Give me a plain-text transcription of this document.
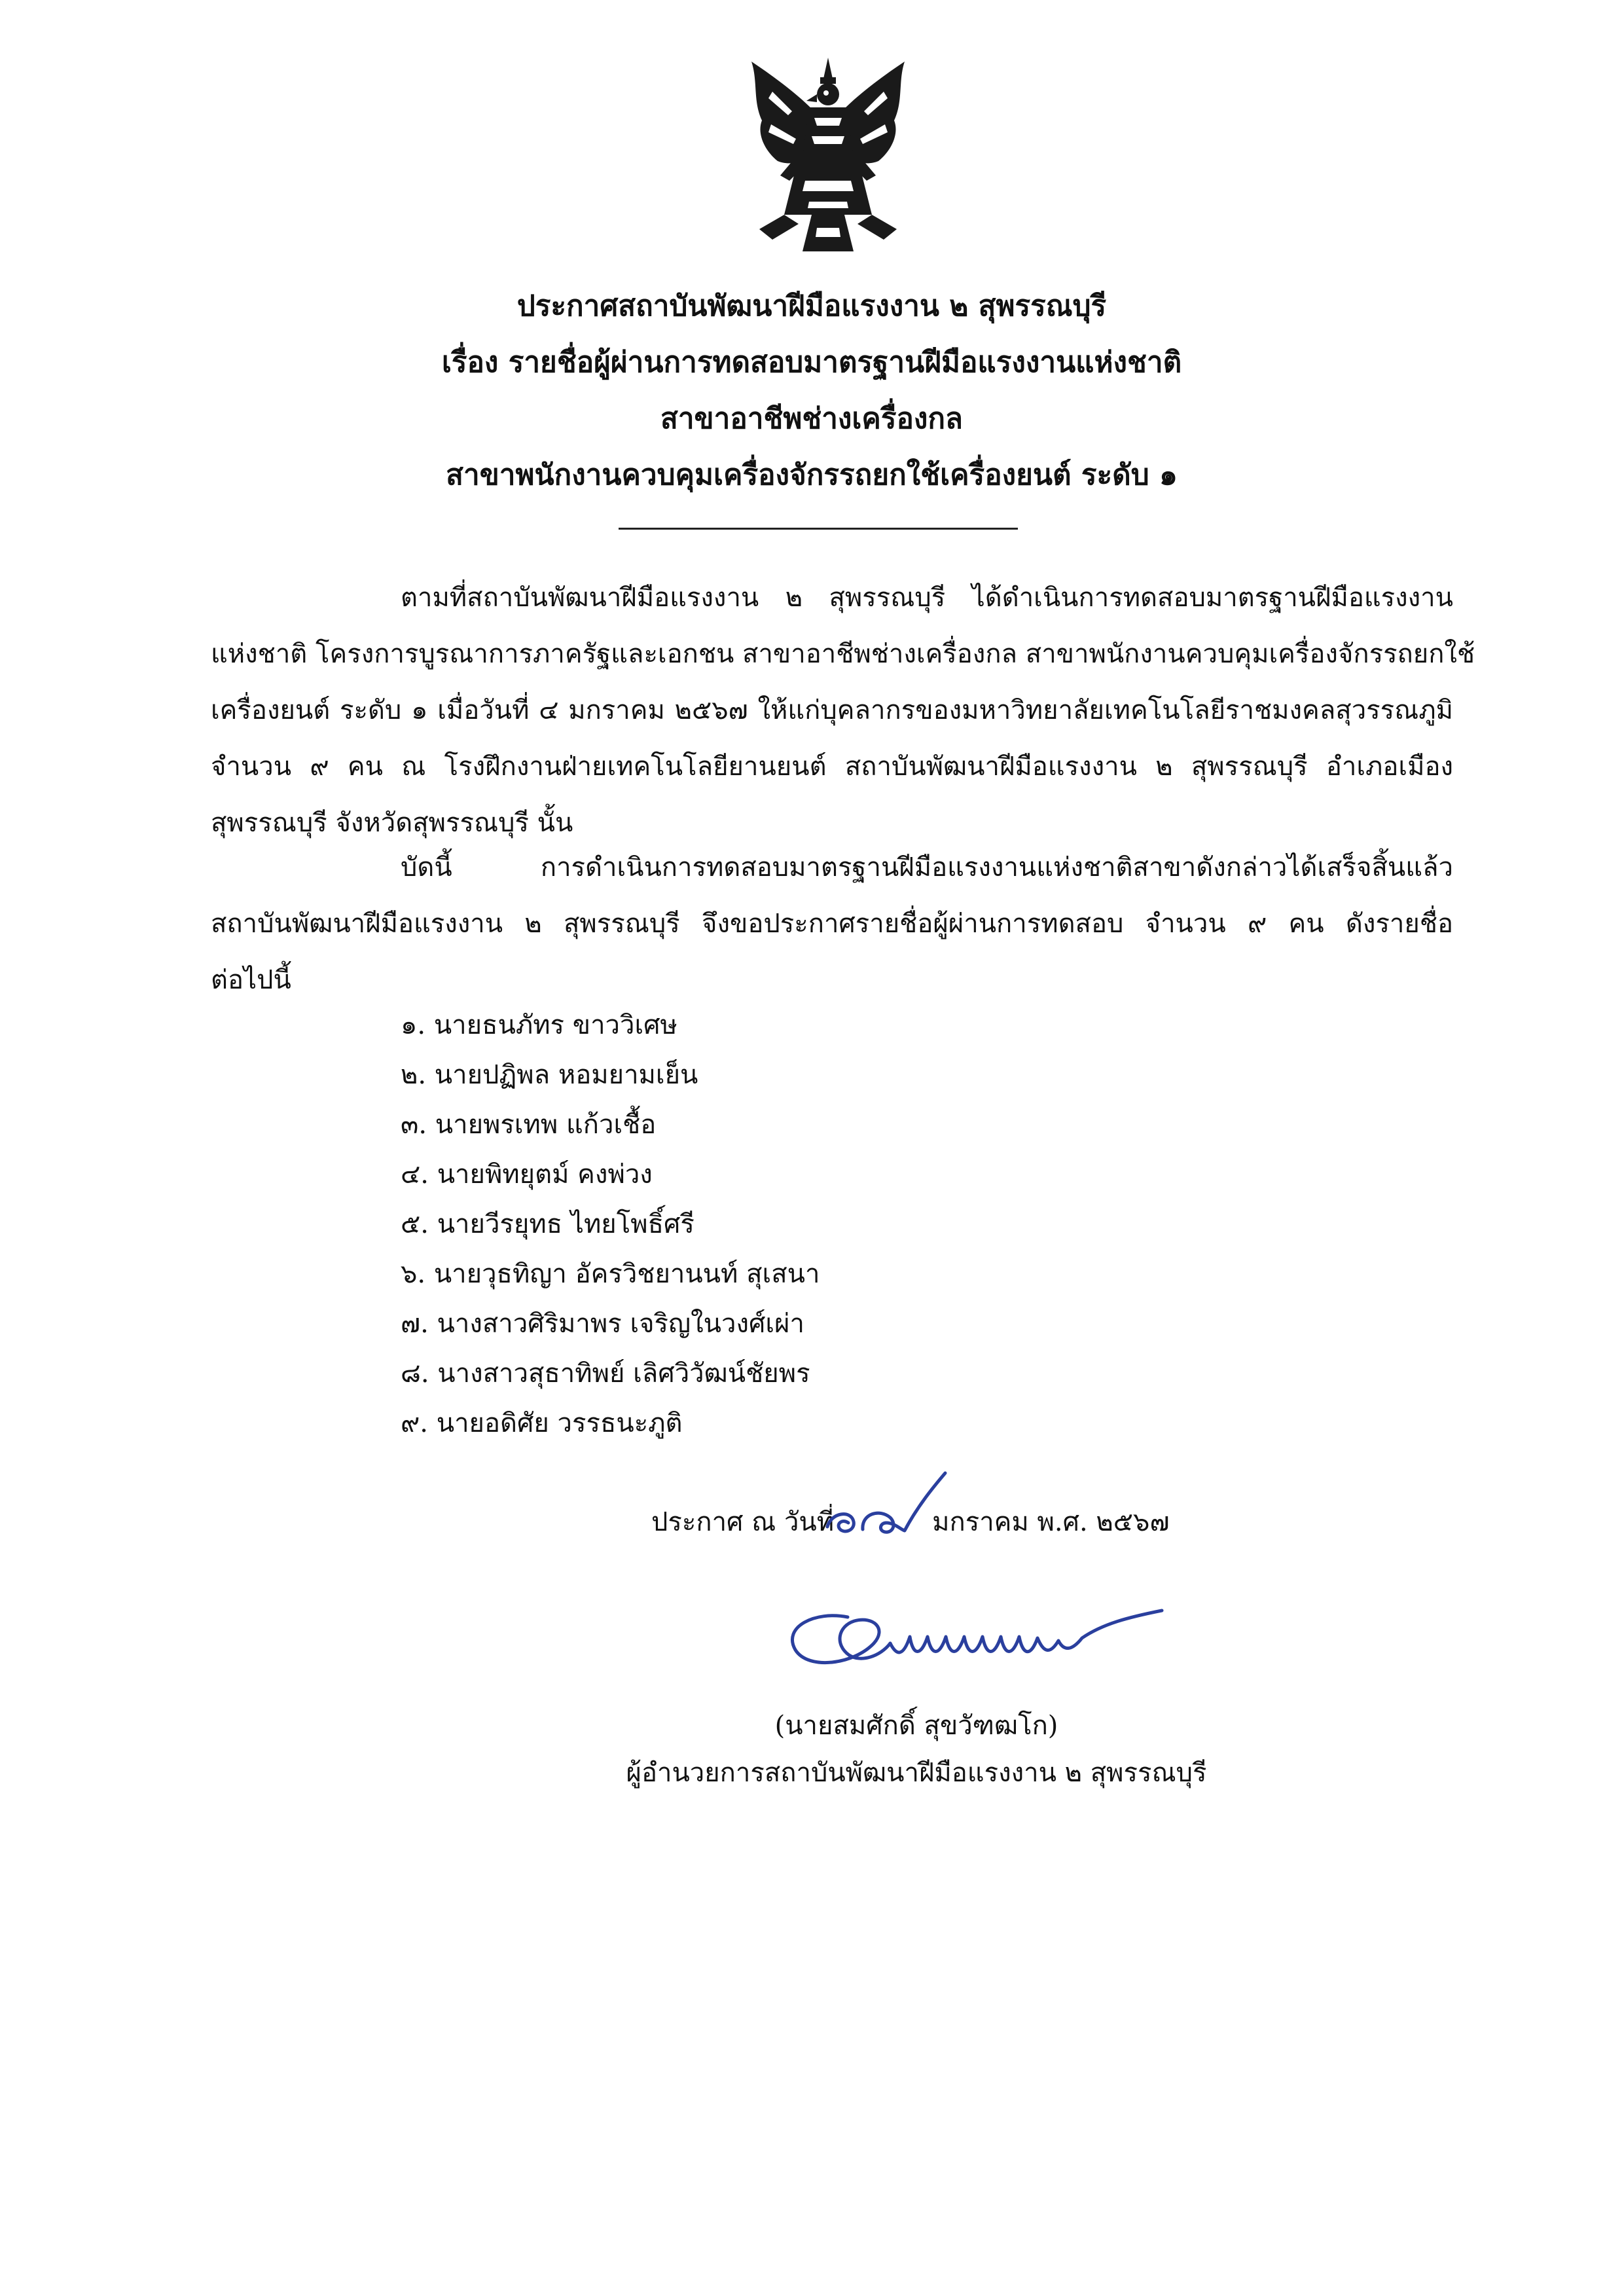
ประกาศสถาบันพัฒนาฝีมือแรงงาน ๒ สุพรรณบุรี
เรื่อง รายชื่อผู้ผ่านการทดสอบมาตรฐานฝีมือแรงงานแห่งชาติ
สาขาอาชีพช่างเครื่องกล
สาขาพนักงานควบคุมเครื่องจักรรถยกใช้เครื่องยนต์ ระดับ ๑
ตามที่สถาบันพัฒนาฝีมือแรงงาน ๒ สุพรรณบุรี ได้ดำเนินการทดสอบมาตรฐานฝีมือแรงงาน
แห่งชาติ โครงการบูรณาการภาครัฐและเอกชน สาขาอาชีพช่างเครื่องกล สาขาพนักงานควบคุมเครื่องจักรรถยกใช้
เครื่องยนต์ ระดับ ๑ เมื่อวันที่ ๔ มกราคม ๒๕๖๗ ให้แก่บุคลากรของมหาวิทยาลัยเทคโนโลยีราชมงคลสุวรรณภูมิ
จำนวน ๙ คน ณ โรงฝึกงานฝ่ายเทคโนโลยียานยนต์ สถาบันพัฒนาฝีมือแรงงาน ๒ สุพรรณบุรี อำเภอเมือง
สุพรรณบุรี จังหวัดสุพรรณบุรี นั้น
บัดนี้ การดำเนินการทดสอบมาตรฐานฝีมือแรงงานแห่งชาติสาขาดังกล่าวได้เสร็จสิ้นแล้ว
สถาบันพัฒนาฝีมือแรงงาน ๒ สุพรรณบุรี จึงขอประกาศรายชื่อผู้ผ่านการทดสอบ จำนวน ๙ คน ดังรายชื่อ
ต่อไปนี้
๑. นายธนภัทร ขาววิเศษ
๒. นายปฏิพล หอมยามเย็น
๓. นายพรเทพ แก้วเชื้อ
๔. นายพิทยุตม์ คงพ่วง
๕. นายวีรยุทธ ไทยโพธิ์ศรี
๖. นายวุธทิญา อัครวิชยานนท์ สุเสนา
๗. นางสาวศิริมาพร เจริญในวงศ์เผ่า
๘. นางสาวสุธาทิพย์ เลิศวิวัฒน์ชัยพร
๙. นายอดิศัย วรรธนะภูติ
ประกาศ ณ วันที่	มกราคม พ.ศ. ๒๕๖๗
(นายสมศักดิ์ สุขวัฑฒโก)
ผู้อำนวยการสถาบันพัฒนาฝีมือแรงงาน ๒ สุพรรณบุรี
